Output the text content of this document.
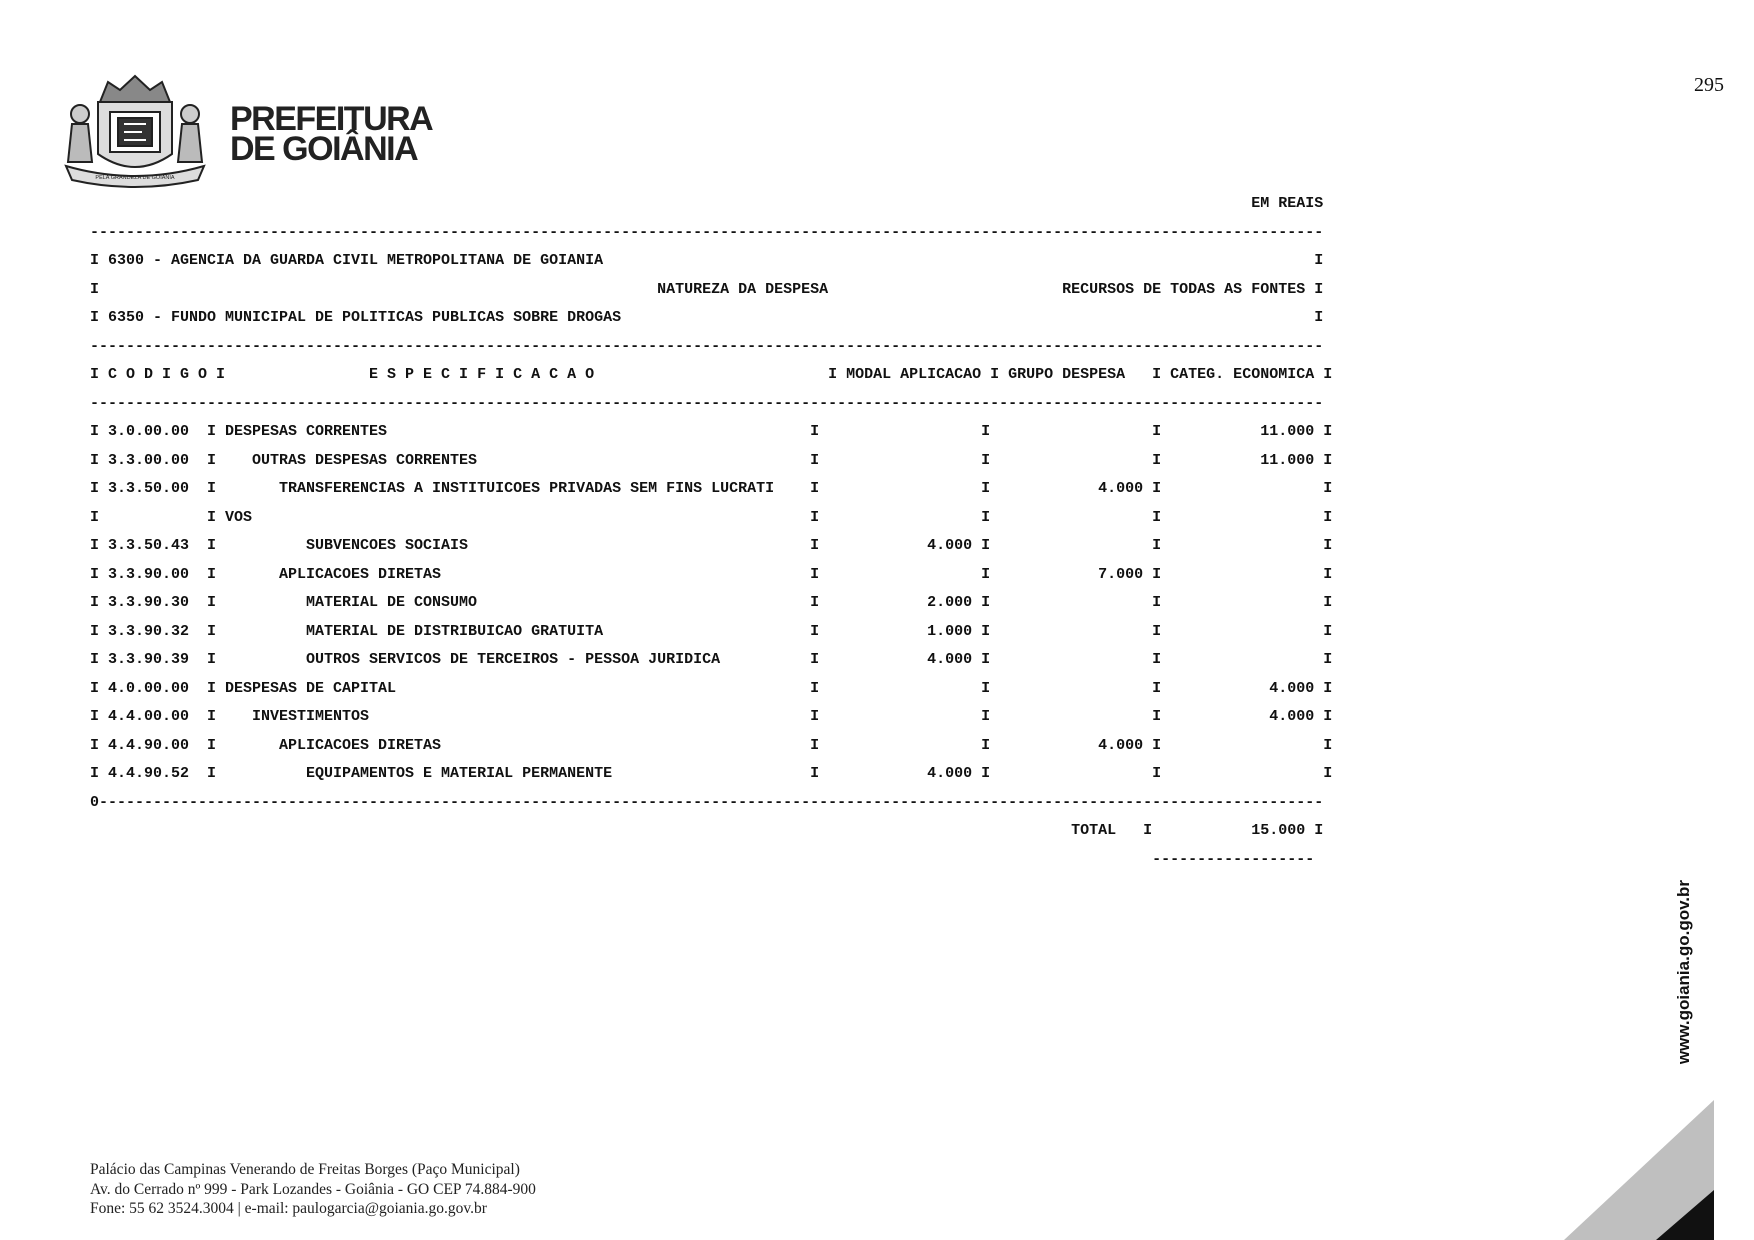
295
PELA GRANDEZA DE GOIÂNIA
PREFEITURA
DE GOIÂNIA
EM REAIS
-----------------------------------------------------------------------------------------------------------------------------------------
I 6300 - AGENCIA DA GUARDA CIVIL METROPOLITANA DE GOIANIA                                                                               I
I                                                              NATUREZA DA DESPESA                          RECURSOS DE TODAS AS FONTES I
I 6350 - FUNDO MUNICIPAL DE POLITICAS PUBLICAS SOBRE DROGAS                                                                             I
-----------------------------------------------------------------------------------------------------------------------------------------
I C O D I G O I                E S P E C I F I C A C A O                          I MODAL APLICACAO I GRUPO DESPESA   I CATEG. ECONOMICA I
-----------------------------------------------------------------------------------------------------------------------------------------
I 3.0.00.00  I DESPESAS CORRENTES                                               I                  I                  I           11.000 I
I 3.3.00.00  I    OUTRAS DESPESAS CORRENTES                                     I                  I                  I           11.000 I
I 3.3.50.00  I       TRANSFERENCIAS A INSTITUICOES PRIVADAS SEM FINS LUCRATI    I                  I            4.000 I                  I
I            I VOS                                                              I                  I                  I                  I
I 3.3.50.43  I          SUBVENCOES SOCIAIS                                      I            4.000 I                  I                  I
I 3.3.90.00  I       APLICACOES DIRETAS                                         I                  I            7.000 I                  I
I 3.3.90.30  I          MATERIAL DE CONSUMO                                     I            2.000 I                  I                  I
I 3.3.90.32  I          MATERIAL DE DISTRIBUICAO GRATUITA                       I            1.000 I                  I                  I
I 3.3.90.39  I          OUTROS SERVICOS DE TERCEIROS - PESSOA JURIDICA          I            4.000 I                  I                  I
I 4.0.00.00  I DESPESAS DE CAPITAL                                              I                  I                  I            4.000 I
I 4.4.00.00  I    INVESTIMENTOS                                                 I                  I                  I            4.000 I
I 4.4.90.00  I       APLICACOES DIRETAS                                         I                  I            4.000 I                  I
I 4.4.90.52  I          EQUIPAMENTOS E MATERIAL PERMANENTE                      I            4.000 I                  I                  I
0----------------------------------------------------------------------------------------------------------------------------------------
TOTAL   I           15.000 I
------------------

www.goiania.go.gov.br
Palácio das Campinas Venerando de Freitas Borges (Paço Municipal)
Av. do Cerrado nº 999 - Park Lozandes - Goiânia - GO CEP 74.884-900
Fone: 55 62 3524.3004 | e-mail: paulogarcia@goiania.go.gov.br
